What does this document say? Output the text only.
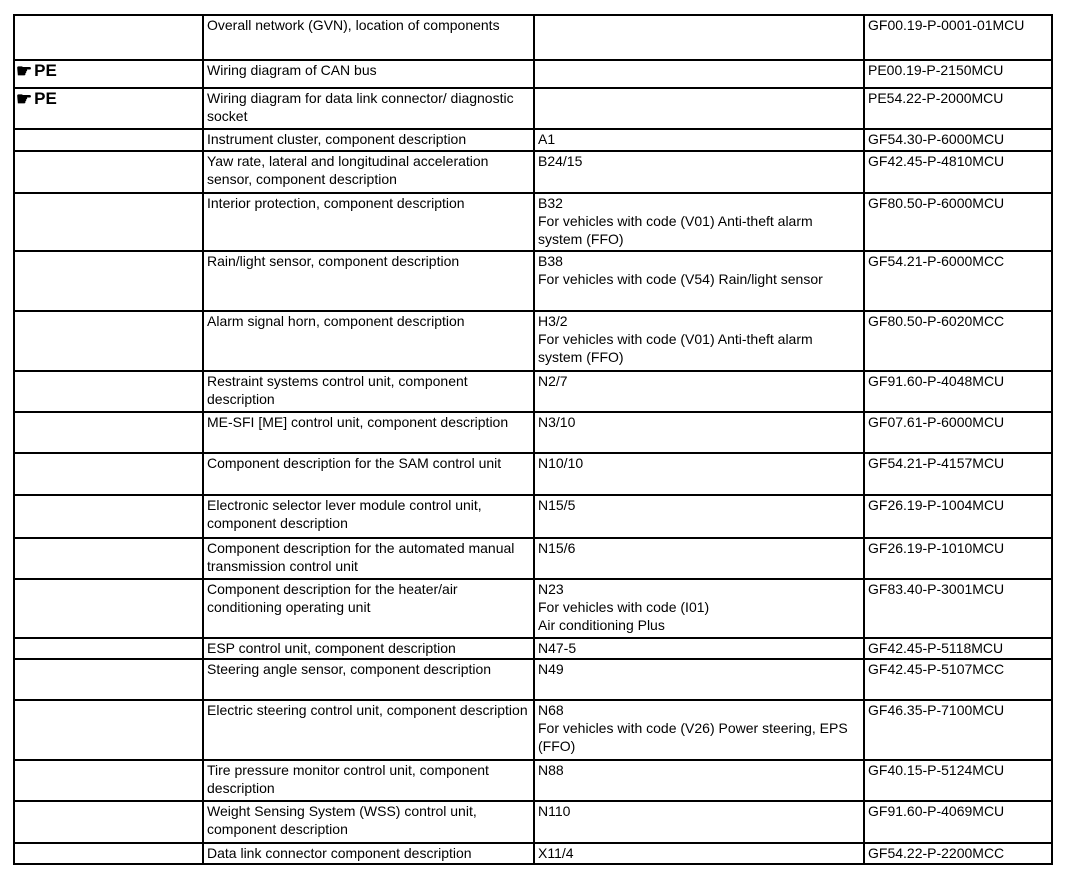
	Overall network (GVN), location of components		GF00.19-P-0001-01MCU

☛ PE	Wiring diagram of CAN bus		PE00.19-P-2150MCU

☛ PE	Wiring diagram for data link connector/ diagnostic socket		PE54.22-P-2000MCU
	Instrument cluster, component description	A1	GF54.30-P-6000MCU
	Yaw rate, lateral and longitudinal acceleration sensor, component description	B24/15	GF42.45-P-4810MCU
	Interior protection, component description	B32
For vehicles with code (V01) Anti-theft alarm system (FFO)	GF80.50-P-6000MCU
	Rain/light sensor, component description	B38
For vehicles with code (V54) Rain/light sensor	GF54.21-P-6000MCC
	Alarm signal horn, component description	H3/2
For vehicles with code (V01) Anti-theft alarm system (FFO)	GF80.50-P-6020MCC
	Restraint systems control unit, component description	N2/7	GF91.60-P-4048MCU
	ME-SFI [ME] control unit, component description	N3/10	GF07.61-P-6000MCU
	Component description for the SAM control unit	N10/10	GF54.21-P-4157MCU
	Electronic selector lever module control unit, component description	N15/5	GF26.19-P-1004MCU
	Component description for the automated manual transmission control unit	N15/6	GF26.19-P-1010MCU
	Component description for the heater/air conditioning operating unit	N23
For vehicles with code (I01)
Air conditioning Plus	GF83.40-P-3001MCU
	ESP control unit, component description	N47-5	GF42.45-P-5118MCU
	Steering angle sensor, component description	N49	GF42.45-P-5107MCC
	Electric steering control unit, component description	N68
For vehicles with code (V26) Power steering, EPS (FFO)	GF46.35-P-7100MCU
	Tire pressure monitor control unit, component description	N88	GF40.15-P-5124MCU
	Weight Sensing System (WSS) control unit, component description	N110	GF91.60-P-4069MCU
	Data link connector component description	X11/4	GF54.22-P-2200MCC
